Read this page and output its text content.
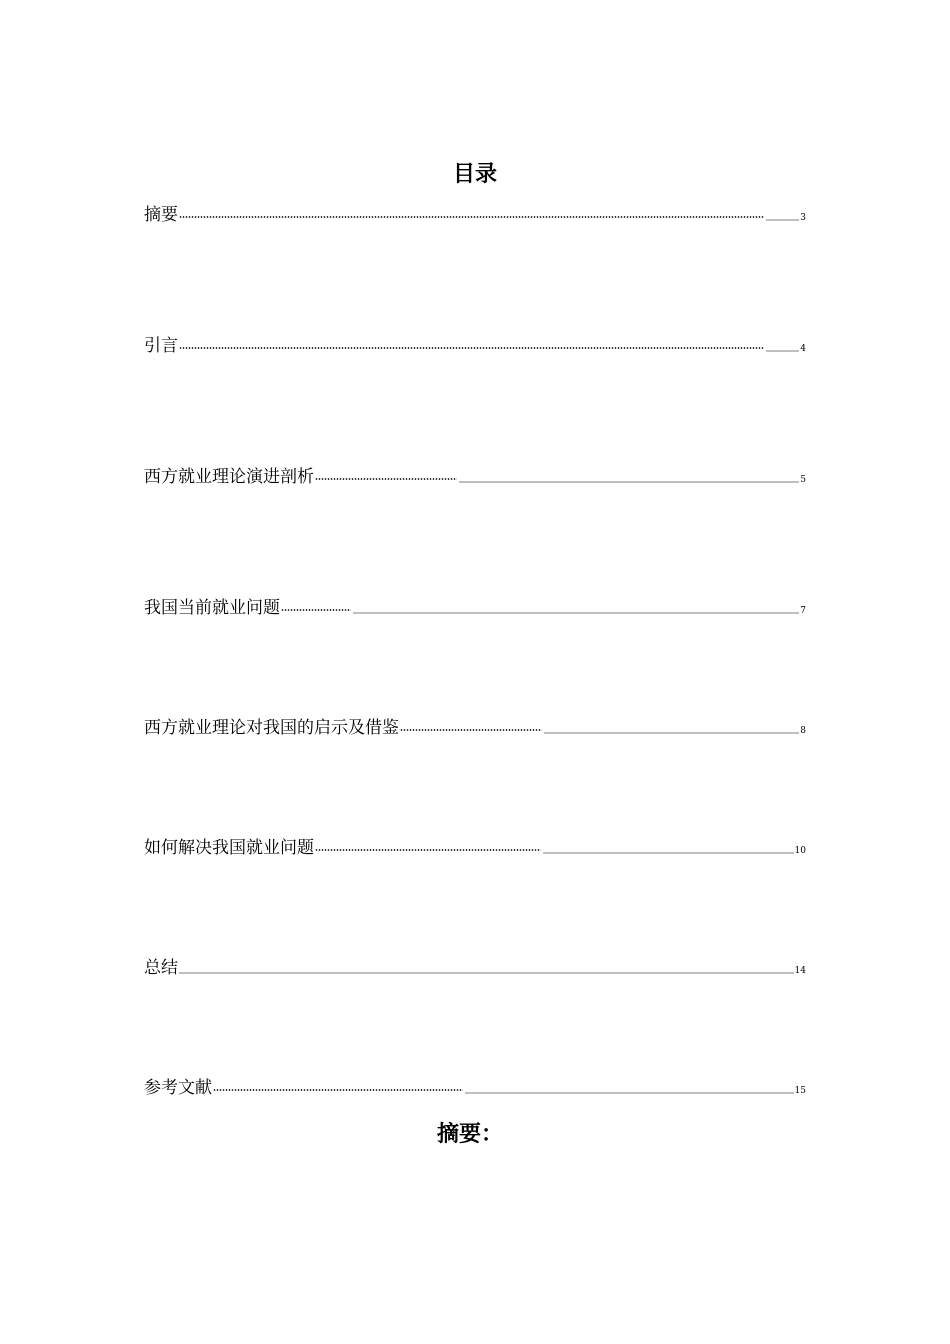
目录
摘要	3
引言	4
西方就业理论演进剖析	5
我国当前就业问题	7
西方就业理论对我国的启示及借鉴	8
如何解决我国就业问题	10
总结	14
参考文献	15
摘要：
